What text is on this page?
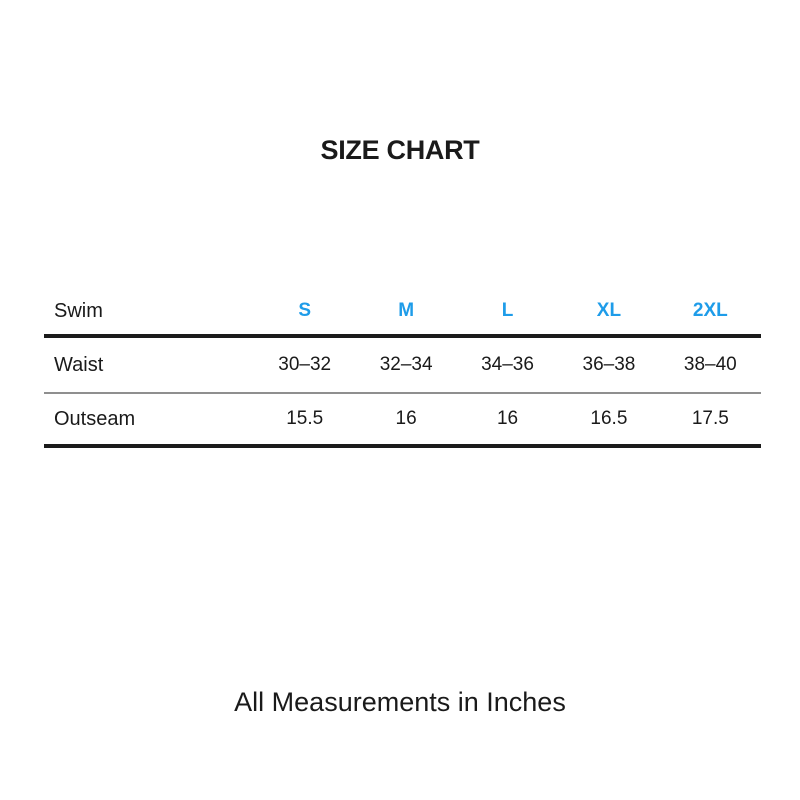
SIZE CHART
Swim	S	M	L	XL	2XL
Waist	30–32	32–34	34–36	36–38	38–40
Outseam	15.5	16	16	16.5	17.5

All Measurements in Inches
